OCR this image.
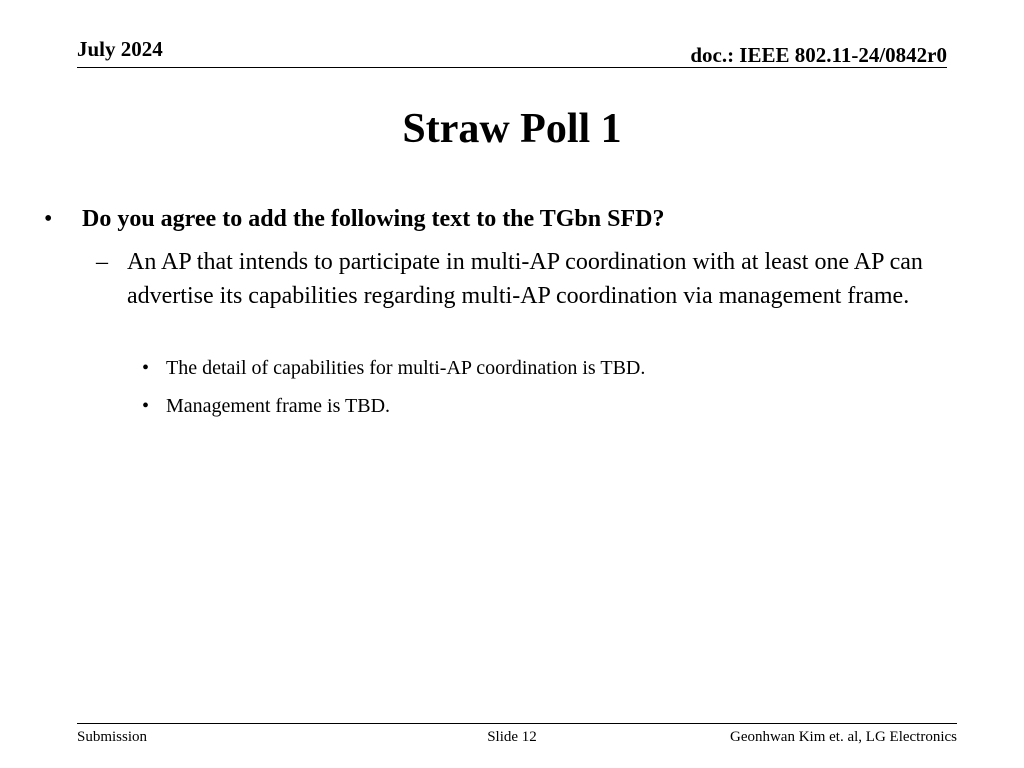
July 2024	doc.: IEEE 802.11-24/0842r0
Straw Poll 1
• Do you agree to add the following text to the TGbn SFD?
– An AP that intends to participate in multi-AP coordination with at least one AP can advertise its capabilities regarding multi-AP coordination via management frame.
• The detail of capabilities for multi-AP coordination is TBD.
• Management frame is TBD.
Submission	Slide 12	Geonhwan Kim et. al, LG Electronics
